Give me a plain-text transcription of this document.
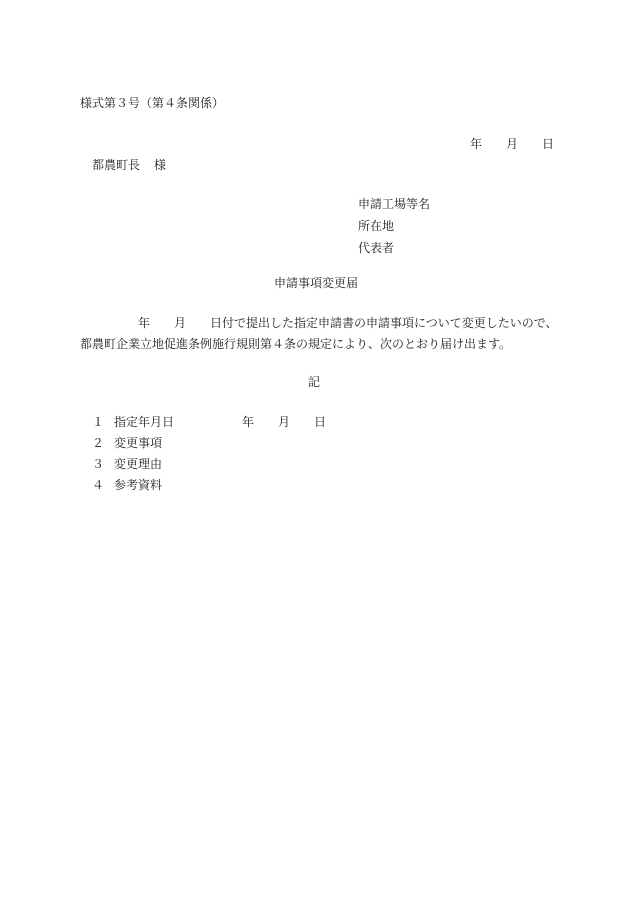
様式第３号（第４条関係）
年 月 日
都農町長 様
申請工場等名
所在地
代表者
申請事項変更届
年 月 日付で提出した指定申請書の申請事項について変更したいので、
都農町企業立地促進条例施行規則第４条の規定により、次のとおり届け出ます。
記
１ 指定年月日	年 月 日
２ 変更事項
３ 変更理由
４ 参考資料
